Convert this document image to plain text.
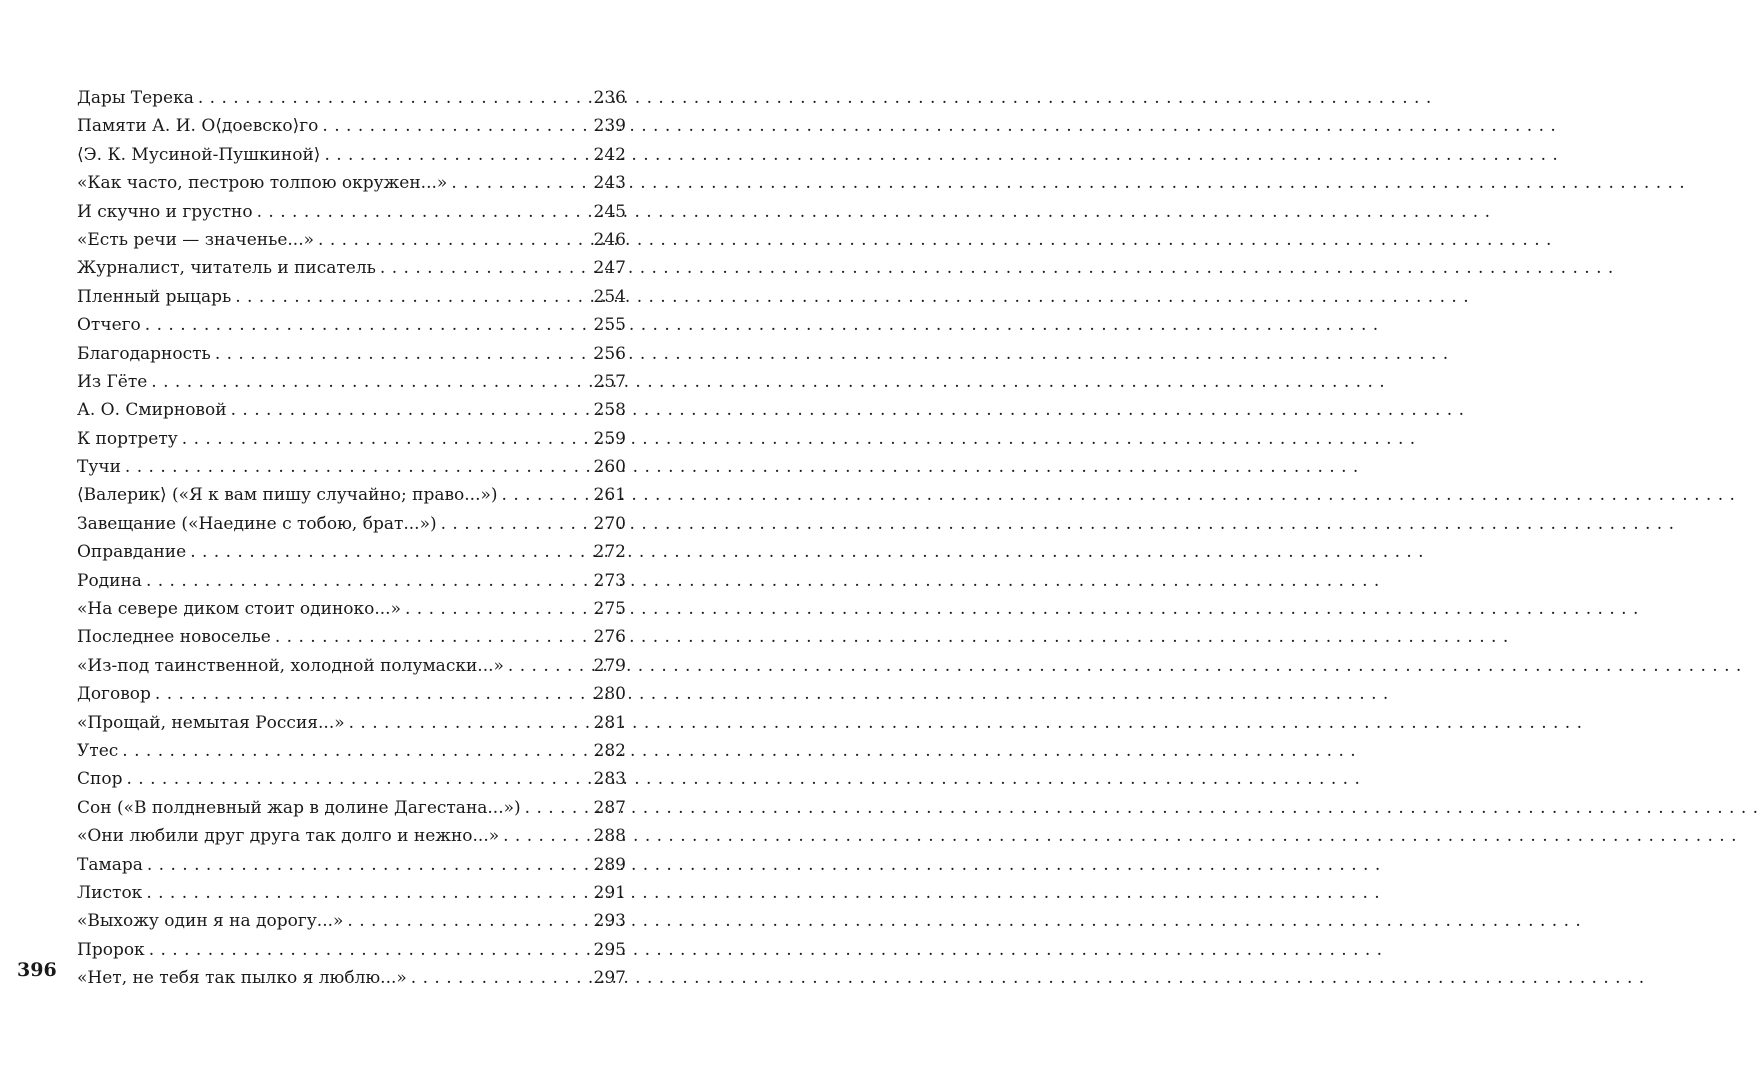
396
Дары Терека . . .	236
Памяти А. И. О⟨доевско⟩го . . .	239
⟨Э. К. Мусиной-Пушкиной⟩ . . .	242
«Как часто, пестрою толпою окружен...» . . .	243
И скучно и грустно . . .	245
«Есть речи — значенье...» . . .	246
Журналист, читатель и писатель . . .	247
Пленный рыцарь . . .	254
Отчего . . .	255
Благодарность . . .	256
Из Гёте . . .	257
А. О. Смирновой . . .	258
К портрету . . .	259
Тучи . . .	260
⟨Валерик⟩ («Я к вам пишу случайно; право...») . . .	261
Завещание («Наедине с тобою, брат...») . . .	270
Оправдание . . .	272
Родина . . .	273
«На севере диком стоит одиноко...» . . .	275
Последнее новоселье . . .	276
«Из-под таинственной, холодной полумаски...» . . .	279
Договор . . .	280
«Прощай, немытая Россия...» . . .	281
Утес . . .	282
Спор . . .	283
Сон («В полдневный жар в долине Дагестана...») . . .	287
«Они любили друг друга так долго и нежно...» . . .	288
Тамара . . .	289
Листок . . .	291
«Выхожу один я на дорогу...» . . .	293
Пророк . . .	295
«Нет, не тебя так пылко я люблю...» . . .	297
